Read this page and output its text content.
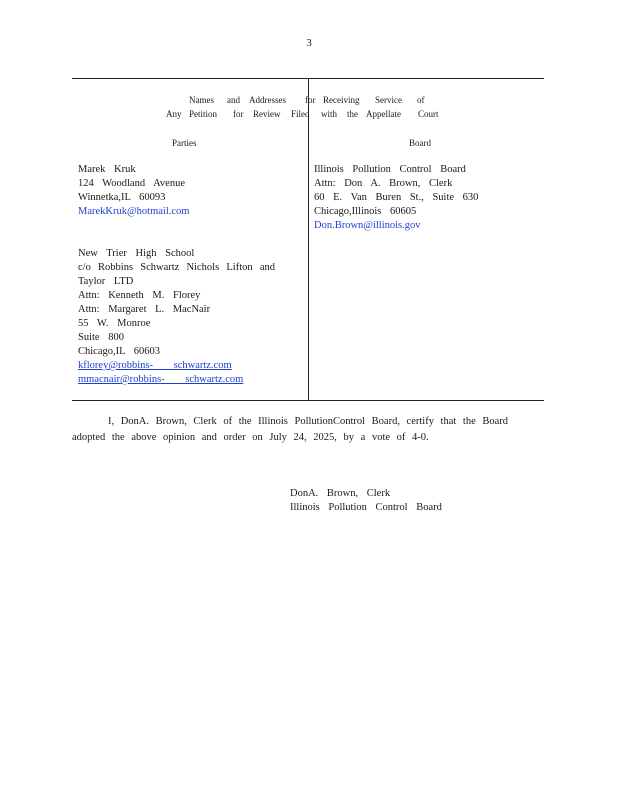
3
Names and Addresses for Receiving Service of
Any Petition for Review Filed with the Appellate Court
Parties	Board
Marek Kruk
124 Woodland Avenue
Winnetka,IL 60093
MarekKruk@hotmail.com
New Trier High School
c/o Robbins Schwartz Nichols Lifton and
Taylor LTD
Attn: Kenneth M. Florey
Attn: Margaret L. MacNair
55 W. Monroe
Suite 800
Chicago,IL 60603
kflorey@robbins- schwartz.com
mmacnair@robbins- schwartz.com
Illinois Pollution Control Board
Attn: Don A. Brown, Clerk
60 E. Van Buren St., Suite 630
Chicago,Illinois 60605
Don.Brown@illinois.gov
I, DonA. Brown, Clerk of the Illinois PollutionControl Board, certify that the Board
adopted the above opinion and order on July 24, 2025, by a vote of 4-0.
DonA. Brown, Clerk
Illinois Pollution Control Board
